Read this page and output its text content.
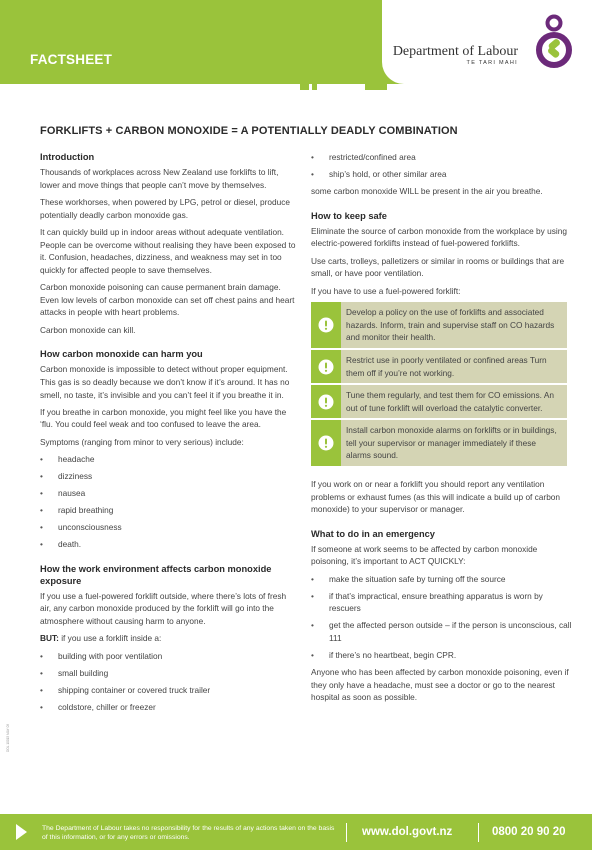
FACTSHEET
Department of Labour
TE TARI MAHI
FORKLIFTS + CARBON MONOXIDE = A POTENTIALLY DEADLY COMBINATION
Introduction

Thousands of workplaces across New Zealand use forklifts to lift, lower and move things that people can’t move by themselves.

These workhorses, when powered by LPG, petrol or diesel, produce potentially deadly carbon monoxide gas.

It can quickly build up in indoor areas without adequate ventilation. People can be overcome without realising they have been exposed to it. Confusion, headaches, dizziness, and weakness may set in too quickly for affected people to save themselves.

Carbon monoxide poisoning can cause permanent brain damage. Even low levels of carbon monoxide can set off chest pains and heart attacks in people with heart problems.

Carbon monoxide can kill.

How carbon monoxide can harm you

Carbon monoxide is impossible to detect without proper equipment. This gas is so deadly because we don’t know if it’s around. It has no smell, no taste, it’s invisible and you can’t feel it if you breathe it in.

If you breathe in carbon monoxide, you might feel like you have the ‘flu. You could feel weak and too confused to leave the area.

Symptoms (ranging from minor to very serious) include:

• headache
• dizziness
• nausea
• rapid breathing
• unconsciousness
• death.
How the work environment affects carbon monoxide exposure

If you use a fuel-powered forklift outside, where there’s lots of fresh air, any carbon monoxide produced by the forklift will go into the atmosphere without causing harm to anyone.

BUT: if you use a forklift inside a:

• building with poor ventilation
• small building
• shipping container or covered truck trailer
• coldstore, chiller or freezer
• restricted/confined area
• ship’s hold, or other similar area

some carbon monoxide WILL be present in the air you breathe.

How to keep safe

Eliminate the source of carbon monoxide from the workplace by using electric-powered forklifts instead of fuel-powered forklifts.

Use carts, trolleys, palletizers or similar in rooms or buildings that are small, or have poor ventilation.

If you have to use a fuel-powered forklift:

Develop a policy on the use of forklifts and associated hazards. Inform, train and supervise staff on CO hazards and monitor their health.
Restrict use in poorly ventilated or confined areas Turn them off if you’re not working.
Tune them regularly, and test them for CO emissions. An out of tune forklift will overload the catalytic converter.
Install carbon monoxide alarms on forklifts or in buildings, tell your supervisor or manager immediately if these alarms sound.

If you work on or near a forklift you should report any ventilation problems or exhaust fumes (as this will indicate a build up of carbon monoxide) to your supervisor or manager.

What to do in an emergency

If someone at work seems to be affected by carbon monoxide poisoning, it’s important to ACT QUICKLY:

• make the situation safe by turning off the source
• if that’s impractical, ensure breathing apparatus is worn by rescuers
• get the affected person outside – if the person is unconscious, call 111
• if there’s no heartbeat, begin CPR.

Anyone who has been affected by carbon monoxide poisoning, even if they only have a headache, must see a doctor or go to the nearest hospital as soon as possible.

DOL 10015 MAY 09
The Department of Labour takes no responsibility for the results of any actions taken on the basis of this information, or for any errors or omissions.	www.dol.govt.nz	0800 20 90 20
